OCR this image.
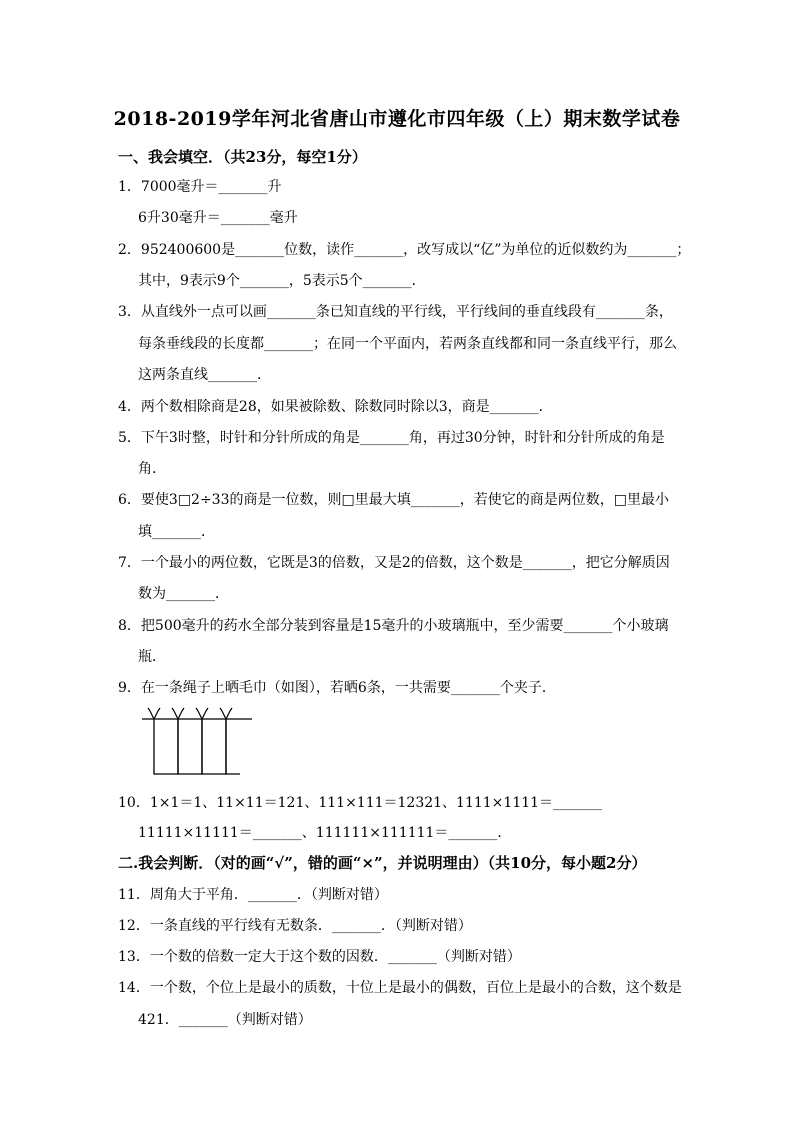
2018-2019学年河北省唐山市遵化市四年级（上）期末数学试卷
一、我会填空．（共23分，每空1分）
1．7000毫升＝_______升
6升30毫升＝_______毫升
2．952400600是_______位数，读作_______，改写成以“亿”为单位的近似数约为_______；
其中，9表示9个_______，5表示5个_______．
3．从直线外一点可以画_______条已知直线的平行线，平行线间的垂直线段有_______条，
每条垂线段的长度都_______；在同一个平面内，若两条直线都和同一条直线平行，那么
这两条直线_______．
4．两个数相除商是28，如果被除数、除数同时除以3，商是_______．
5．下午3时整，时针和分针所成的角是_______角，再过30分钟，时针和分针所成的角是
角．
6．要使3□2÷33的商是一位数，则□里最大填_______，若使它的商是两位数，□里最小
填_______．
7．一个最小的两位数，它既是3的倍数，又是2的倍数，这个数是_______，把它分解质因
数为_______．
8．把500毫升的药水全部分装到容量是15毫升的小玻璃瓶中，至少需要_______个小玻璃
瓶．
9．在一条绳子上晒毛巾（如图），若晒6条，一共需要_______个夹子．
10．1×1＝1、11×11＝121、111×111＝12321、1111×1111＝_______
11111×11111＝_______、111111×111111＝_______．
二.我会判断．（对的画“√”，错的画“×”，并说明理由）（共10分，每小题2分）
11．周角大于平角．_______．（判断对错）
12．一条直线的平行线有无数条．_______．（判断对错）
13．一个数的倍数一定大于这个数的因数．_______（判断对错）
14．一个数，个位上是最小的质数，十位上是最小的偶数，百位上是最小的合数，这个数是
421．_______（判断对错）
